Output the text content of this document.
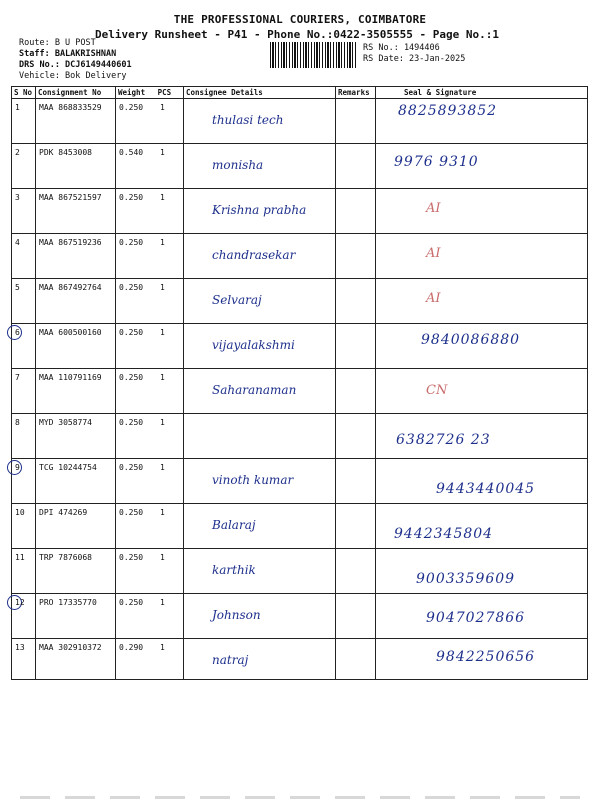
THE PROFESSIONAL COURIERS, COIMBATORE
Delivery Runsheet - P41 - Phone No.:0422-3505555 - Page No.:1
Route: B U POST
Staff: BALAKRISHNAN
DRS No.: DCJ6149440601
Vehicle: Bok Delivery
RS No.: 1494406
RS Date: 23-Jan-2025
S No	Consignment No	Weight PCS	Consignee Details	Remarks	Seal & Signature
1	MAA 868833529	0.250 1	thulasi tech		8825893852

2	PDK 8453008	0.540 1	monisha		9976 9310

3	MAA 867521597	0.250 1	Krishna prabha		AI

4	MAA 867519236	0.250 1	chandrasekar		AI

5	MAA 867492764	0.250 1	Selvaraj		AI

6	MAA 600500160	0.250 1	vijayalakshmi		9840086880

7	MAA 110791169	0.250 1	Saharanaman		CN

8	MYD 3058774	0.250 1			6382726 23

9	TCG 10244754	0.250 1	vinoth kumar		9443440045

10	DPI 474269	0.250 1	Balaraj		9442345804

11	TRP 7876068	0.250 1	karthik		9003359609

12	PRO 17335770	0.250 1	Johnson		9047027866

13	MAA 302910372	0.290 1	natraj		9842250656
